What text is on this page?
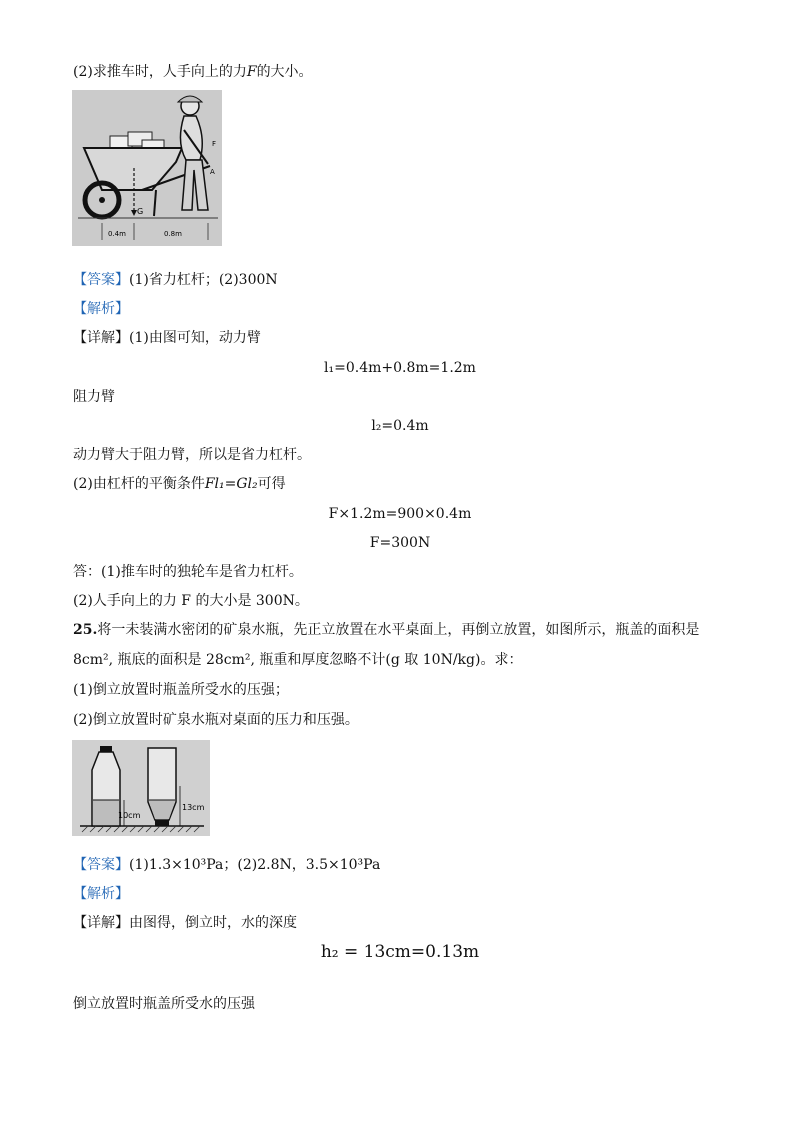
(2)求推车时，人手向上的力F的大小。
G
F
A
0.4m	0.8m
【答案】(1)省力杠杆；(2)300N
【解析】
【详解】(1)由图可知，动力臂
l₁=0.4m+0.8m=1.2m
阻力臂
l₂=0.4m
动力臂大于阻力臂，所以是省力杠杆。
(2)由杠杆的平衡条件Fl₁=Gl₂可得
F×1.2m=900×0.4m
F=300N
答：(1)推车时的独轮车是省力杠杆。
(2)人手向上的力 F 的大小是 300N。
25.将一未装满水密闭的矿泉水瓶，先正立放置在水平桌面上，再倒立放置，如图所示，瓶盖的面积是
8cm², 瓶底的面积是 28cm², 瓶重和厚度忽略不计(g 取 10N/kg)。求：
(1)倒立放置时瓶盖所受水的压强；
(2)倒立放置时矿泉水瓶对桌面的压力和压强。
10cm
13cm
【答案】(1)1.3×10³Pa；(2)2.8N，3.5×10³Pa
【解析】
【详解】由图得，倒立时，水的深度
h₂ = 13cm=0.13m
倒立放置时瓶盖所受水的压强
